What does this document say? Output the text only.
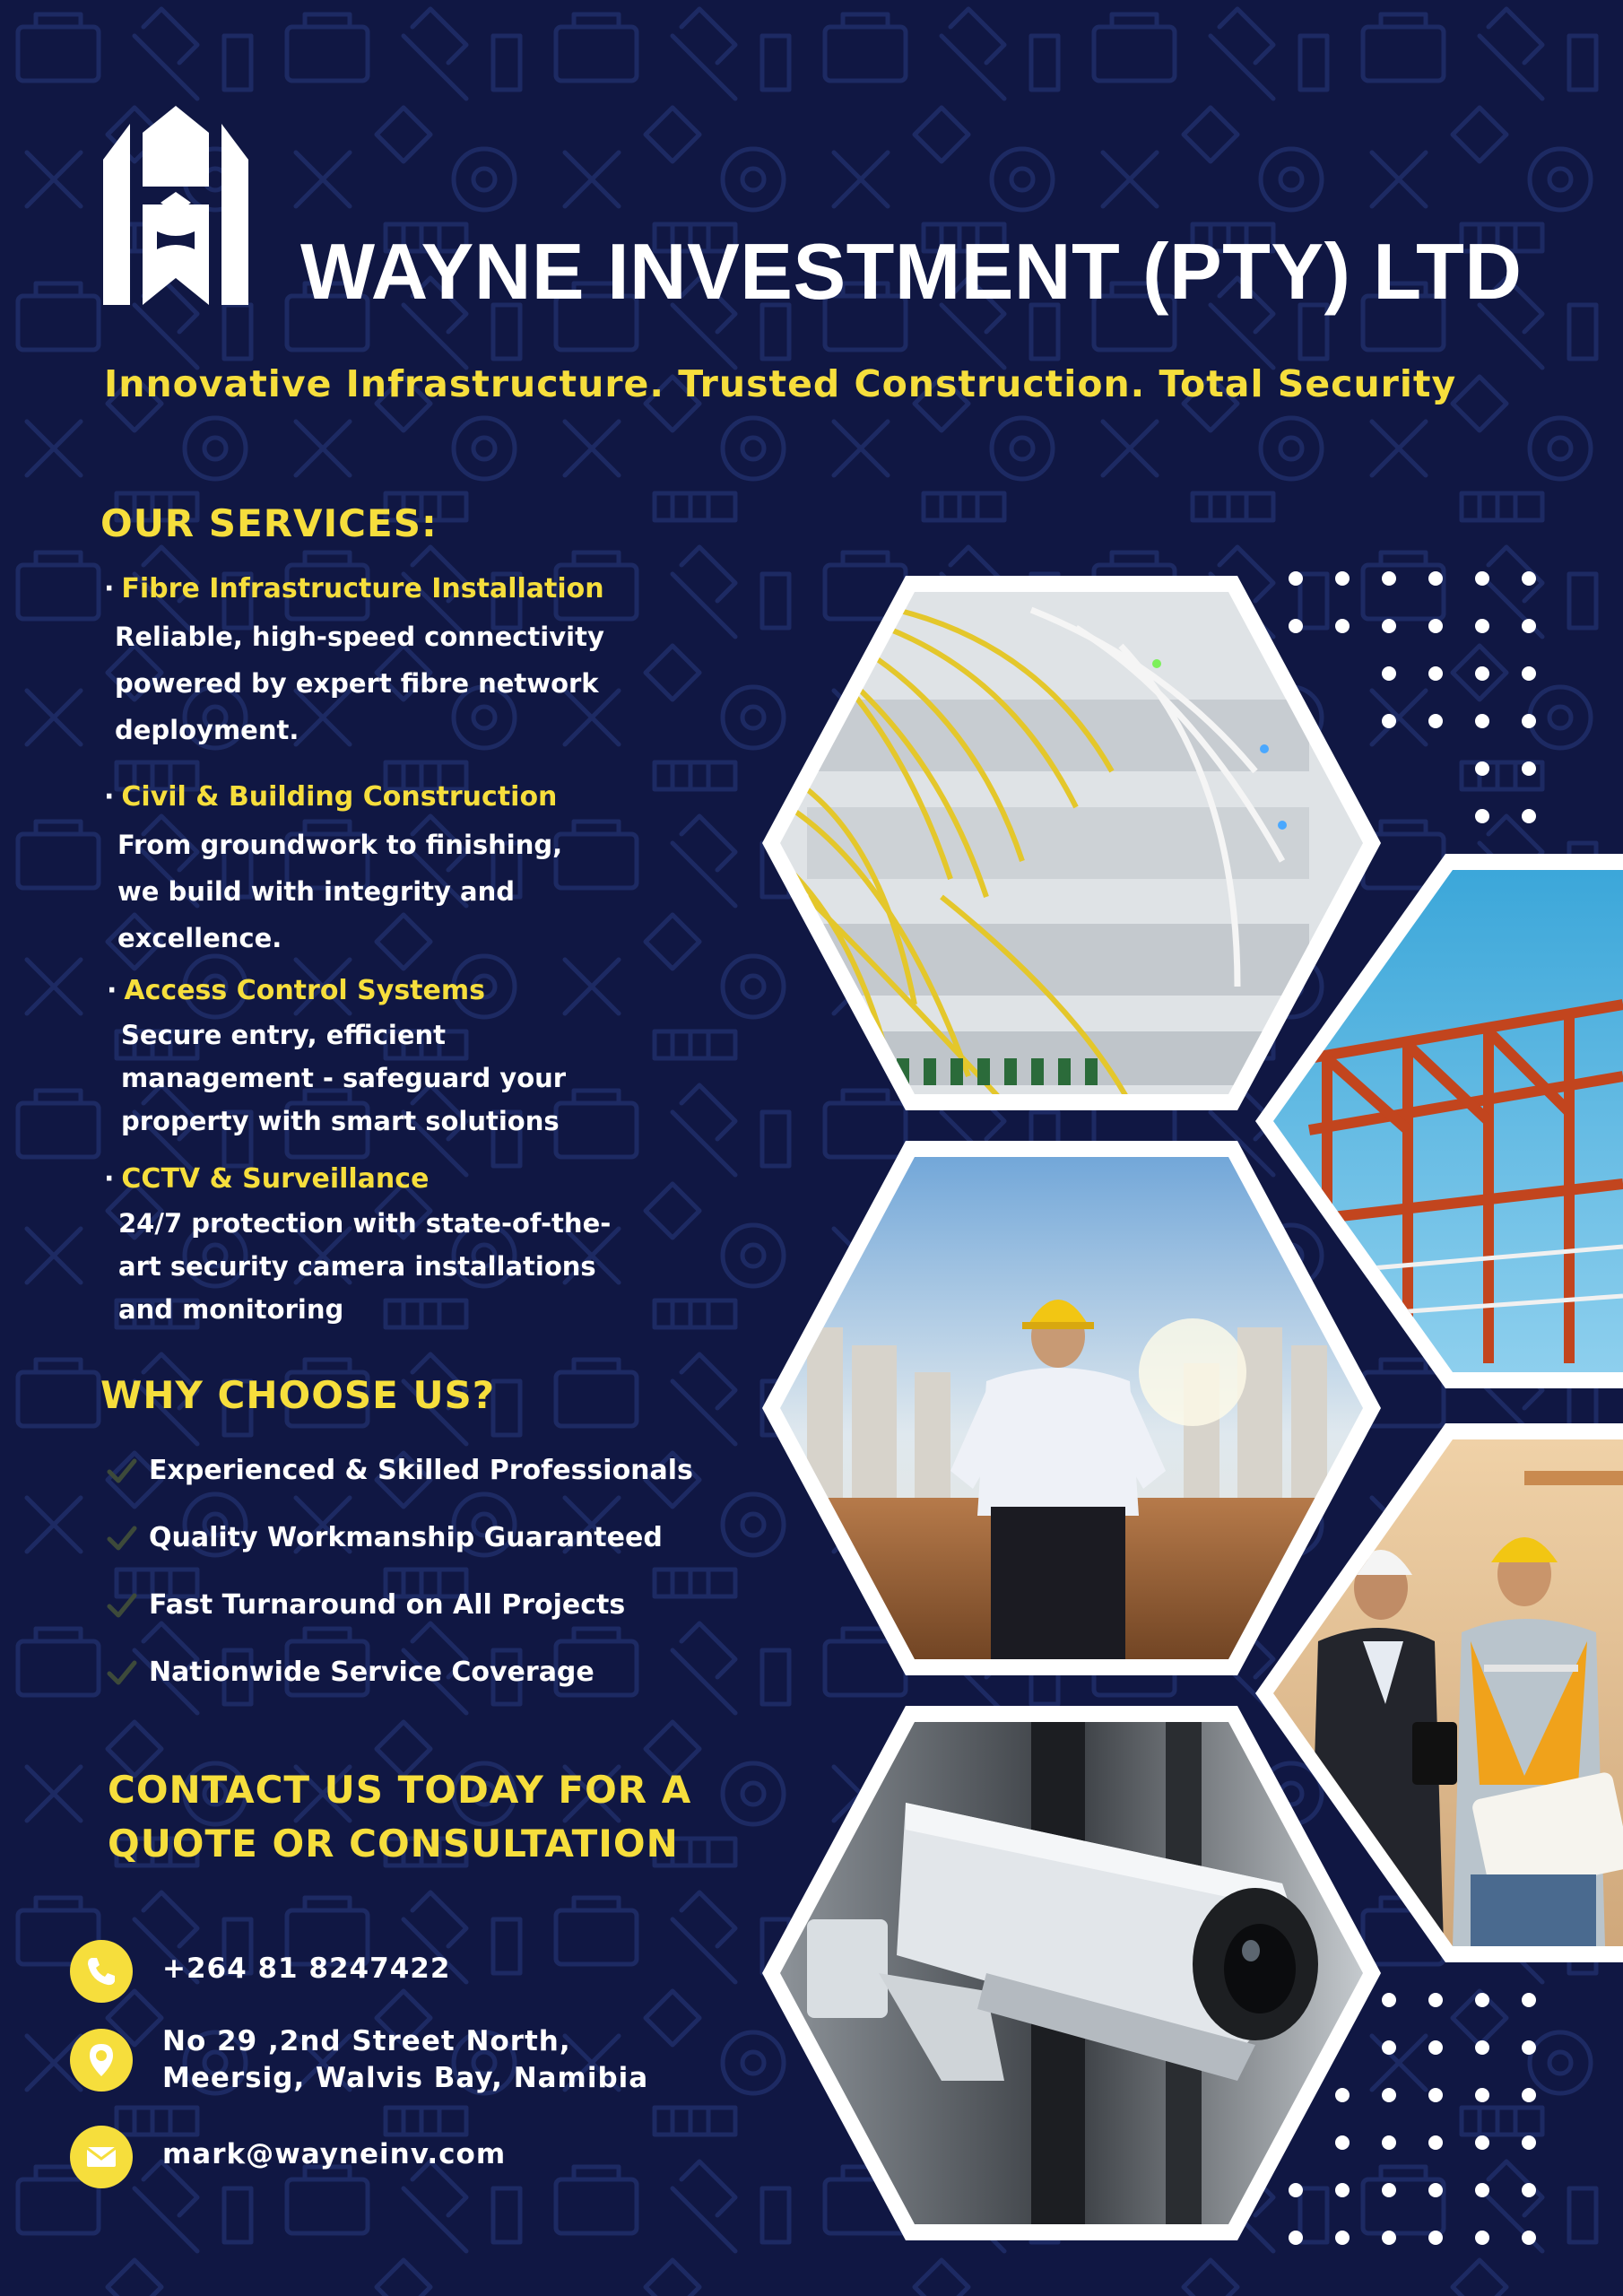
WAYNE INVESTMENT (PTY) LTD
Innovative Infrastructure. Trusted Construction. Total Security
OUR SERVICES:
· Fibre Infrastructure Installation
Reliable, high-speed connectivity
powered by expert fibre network
deployment.
· Civil & Building Construction
From groundwork to finishing,
we build with integrity and
excellence.
· Access Control Systems
Secure entry, efficient
management - safeguard your
property with smart solutions
· CCTV & Surveillance
24/7 protection with state-of-the-
art security camera installations
and monitoring
WHY CHOOSE US?
Experienced & Skilled Professionals
Quality Workmanship Guaranteed
Fast Turnaround on All Projects
Nationwide Service Coverage
CONTACT US TODAY FOR A
QUOTE OR CONSULTATION
+264 81 8247422
No 29 ,2nd Street North,
Meersig, Walvis Bay, Namibia
mark@wayneinv.com
